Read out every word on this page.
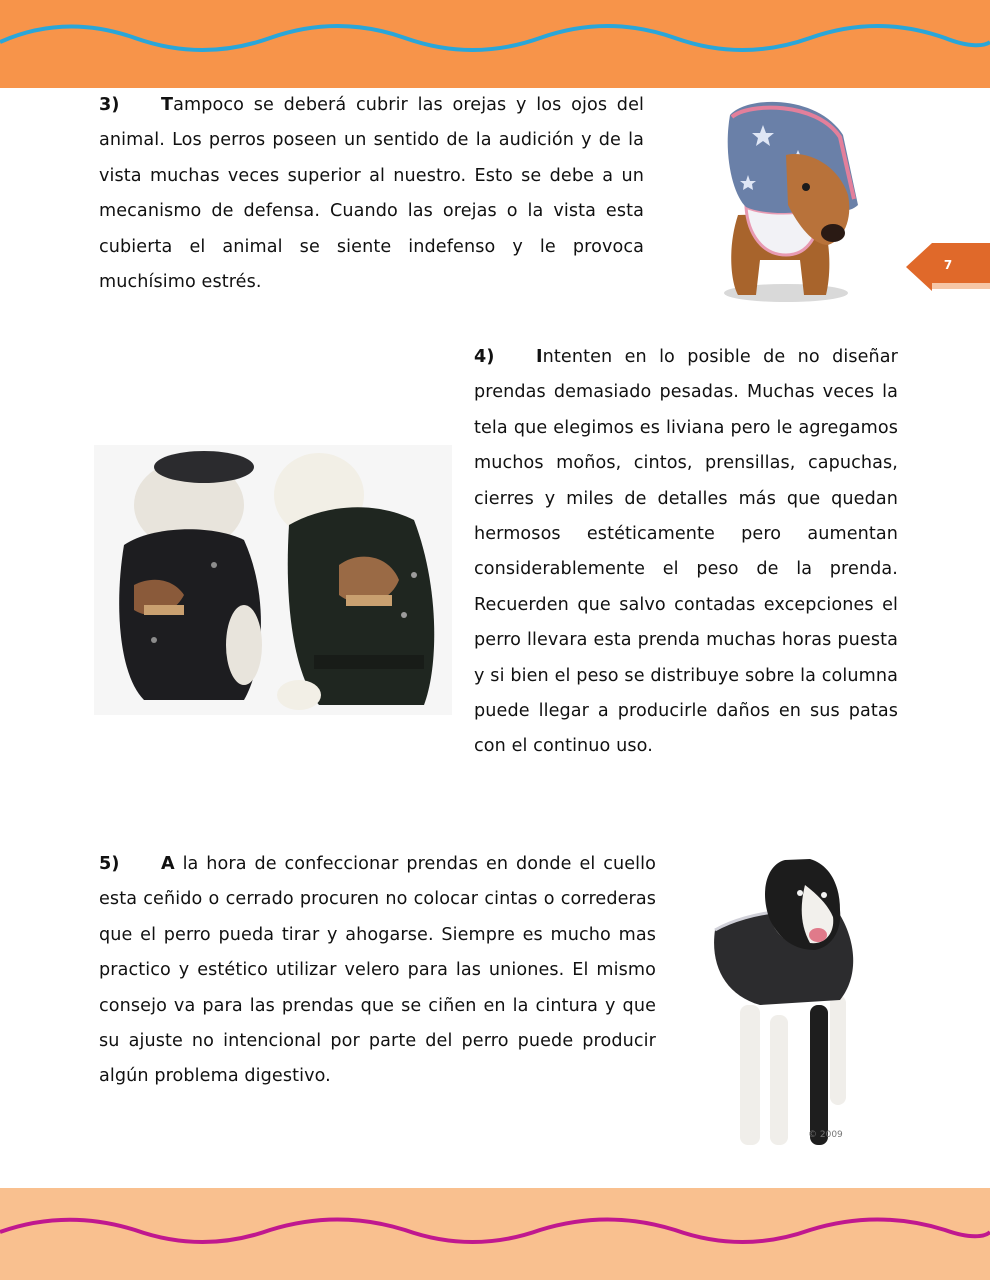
3) Tampoco se deberá cubrir las orejas y los ojos del animal. Los perros poseen un sentido de la audición y de la vista muchas veces superior al nuestro. Esto se debe a un mecanismo de defensa. Cuando las orejas o la vista esta cubierta el animal se siente indefenso y le provoca muchísimo estrés.
7
4) Intenten en lo posible de no diseñar prendas demasiado pesadas. Muchas veces la tela que elegimos es liviana pero le agregamos muchos moños, cintos, prensillas, capuchas, cierres y miles de detalles más que quedan hermosos estéticamente pero aumentan considerablemente el peso de la prenda. Recuerden que salvo contadas excepciones el perro llevara esta prenda muchas horas puesta y si bien el peso se distribuye sobre la columna puede llegar a producirle daños en sus patas con el continuo uso.
5) A la hora de confeccionar prendas en donde el cuello esta ceñido o cerrado procuren no colocar cintas o correderas que el perro pueda tirar y ahogarse. Siempre es mucho mas practico y estético utilizar velero para las uniones. El mismo consejo va para las prendas que se ciñen en la cintura y que su ajuste no intencional por parte del perro puede producir algún problema digestivo.
© 2009
